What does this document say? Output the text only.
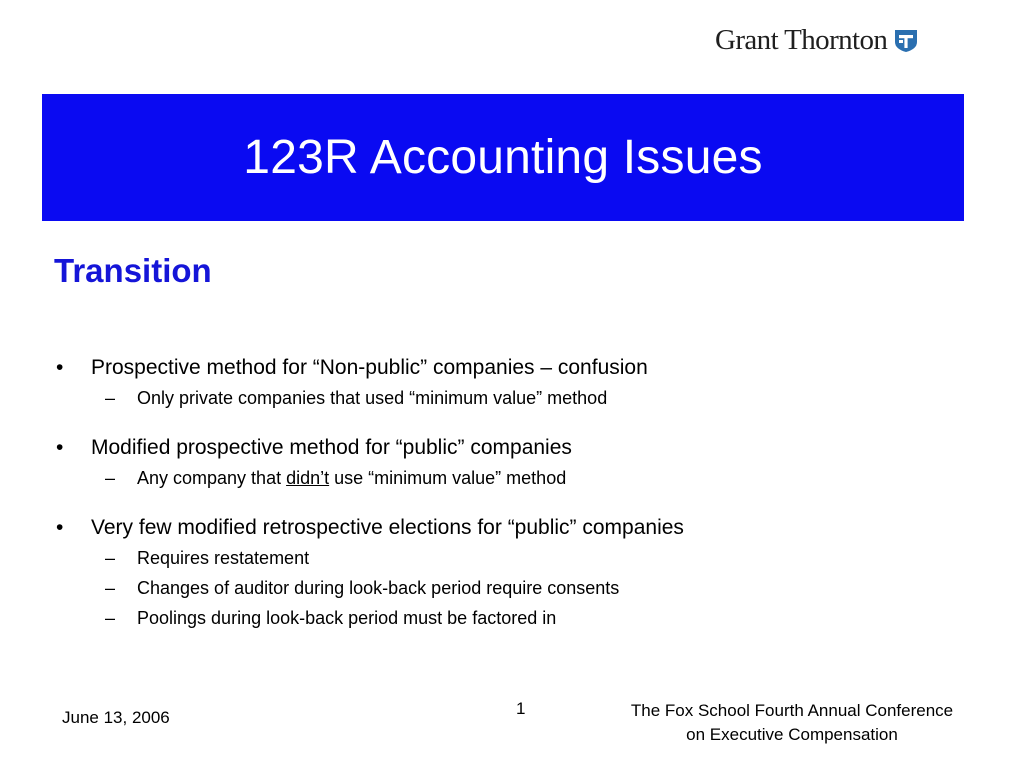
Grant Thornton
123R Accounting Issues
Transition
•	Prospective method for “Non-public” companies – confusion
–	Only private companies that used “minimum value” method
•	Modified prospective method for “public” companies
–	Any company that didn’t use “minimum value” method
•	Very few modified retrospective elections for “public” companies
–	Requires restatement
–	Changes of auditor during look-back period require consents
–	Poolings during look-back period must be factored in
June 13, 2006	1	The Fox School Fourth Annual Conference
on Executive Compensation
